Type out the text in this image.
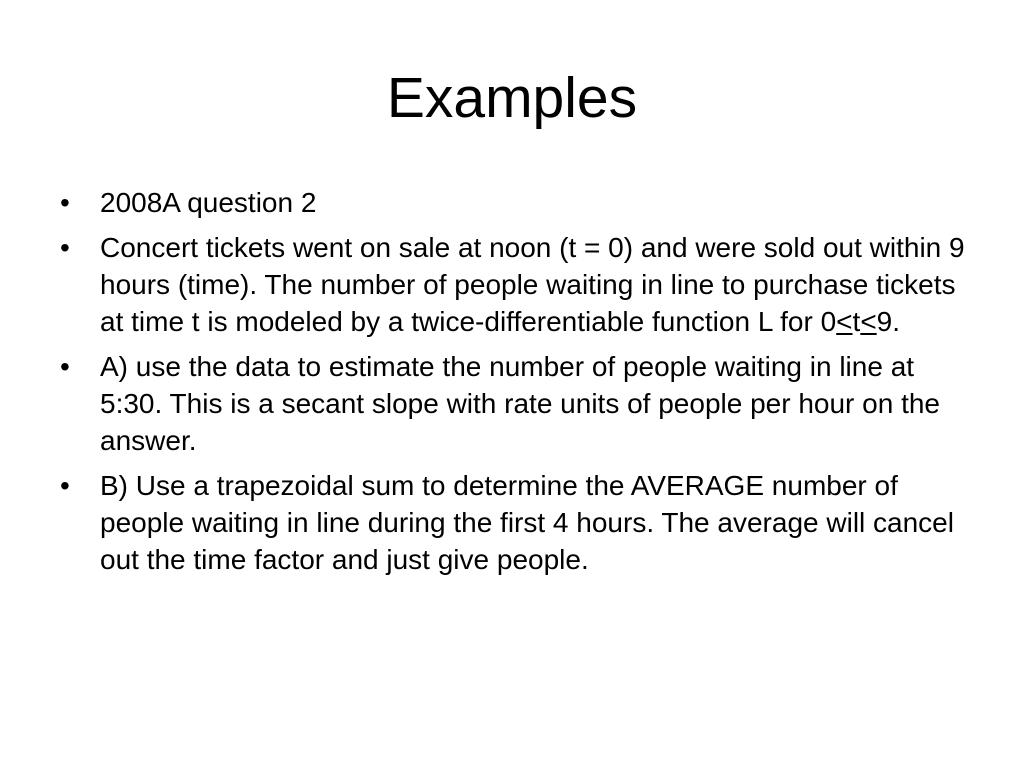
Examples
•	2008A question 2
•	Concert tickets went on sale at noon (t = 0) and were sold out within 9 hours (time). The number of people waiting in line to purchase tickets at time t is modeled by a twice-differentiable function L for 0≤t≤9.
•	A) use the data to estimate the number of people waiting in line at 5:30. This is a secant slope with rate units of people per hour on the answer.
•	B) Use a trapezoidal sum to determine the AVERAGE number of people waiting in line during the first 4 hours. The average will cancel out the time factor and just give people.
